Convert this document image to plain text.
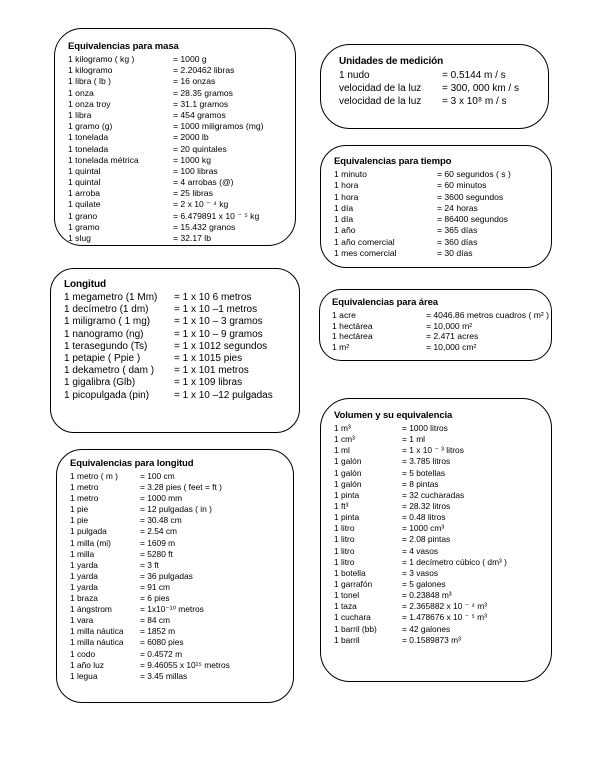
Equivalencias para masa
1 kilogramo ( kg )	= 1000 g

1 kilogramo	= 2.20462 libras

1 libra ( lb )	= 16 onzas

1 onza	= 28.35 gramos

1 onza troy	= 31.1 gramos

1 libra	= 454 gramos

1 gramo (g)	= 1000 miligramos (mg)

1 tonelada	= 2000 lb

1 tonelada	= 20 quintales

1 tonelada métrica	= 1000 kg

1 quintal	= 100 libras

1 quintal	= 4 arrobas (@)

1 arroba	= 25 libras

1 quilate	= 2 x 10 ⁻ ⁴ kg

1 grano	= 6.479891 x 10 ⁻ ⁵ kg

1 gramo	= 15.432 granos

1 slug	= 32.17 lb

Unidades de medición
1 nudo	= 0.5144 m / s

velocidad de la luz = 300, 000 km / s

velocidad de la luz = 3 x 10⁸ m / s

Equivalencias para tiempo
1 minuto	= 60 segundos ( s )

1 hora	= 60 minutos

1 hora	= 3600 segundos

1 día	= 24 horas

1 día	= 86400 segundos

1 año	= 365 días

1 año comercial	= 360 días

1 mes comercial	= 30 días

Longitud
1 megametro (1 Mm) = 1 x 10 6 metros

1 decímetro (1 dm)	= 1 x 10 –1 metros

1 miligramo ( 1 mg) = 1 x 10 – 3 gramos

1 nanogramo (ng)	= 1 x 10 – 9 gramos

1 terasegundo (Ts)	= 1 x 1012 segundos

1 petapie ( Ppie )	= 1 x 1015 pies

1 dekametro ( dam ) = 1 x 101 metros

1 gigalibra (Glb)	= 1 x 109 libras

1 picopulgada (pin) = 1 x 10 –12 pulgadas

Equivalencias para área
1 acre	= 4046.86 metros cuadros ( m² )

1 hectárea	= 10,000 m²

1 hectárea	= 2.471 acres

1 m²	= 10,000 cm²

Equivalencias para longitud
1 metro ( m )	= 100 cm

1 metro	= 3.28 pies ( feet = ft )

1 metro	= 1000 mm

1 pie	= 12 pulgadas ( in )

1 pie	= 30.48 cm

1 pulgada	= 2.54 cm

1 milla (mi)	= 1609 m

1 milla	= 5280 ft

1 yarda	= 3 ft

1 yarda	= 36 pulgadas

1 yarda	= 91 cm

1 braza	= 6 pies

1 ángstrom	= 1x10⁻¹⁰ metros

1 vara	= 84 cm

1 milla náutica = 1852 m

1 milla náutica = 6080 pies

1 codo	= 0.4572 m

1 año luz	= 9.46055 x 10¹⁵ metros

1 legua	= 3.45 millas

Volumen y su equivalencia
1 m³	= 1000 litros

1 cm³	= 1 ml

1 ml	= 1 x 10 ⁻ ³ litros

1 galón	= 3.785 litros

1 galón	= 5 botellas

1 galón	= 8 pintas

1 pinta	= 32 cucharadas

1 ft³	= 28.32 litros

1 pinta	= 0.48 litros

1 litro	= 1000 cm³

1 litro	= 2.08 pintas

1 litro	= 4 vasos

1 litro	= 1 decímetro cúbico ( dm³ )

1 botella	= 3 vasos

1 garrafón	= 5 galones

1 tonel	= 0.23848 m³

1 taza	= 2.365882 x 10 ⁻ ⁴ m³

1 cuchara	= 1.478676 x 10 ⁻ ⁵ m³

1 barril (bb)	= 42 galones

1 barril	= 0.1589873 m³
